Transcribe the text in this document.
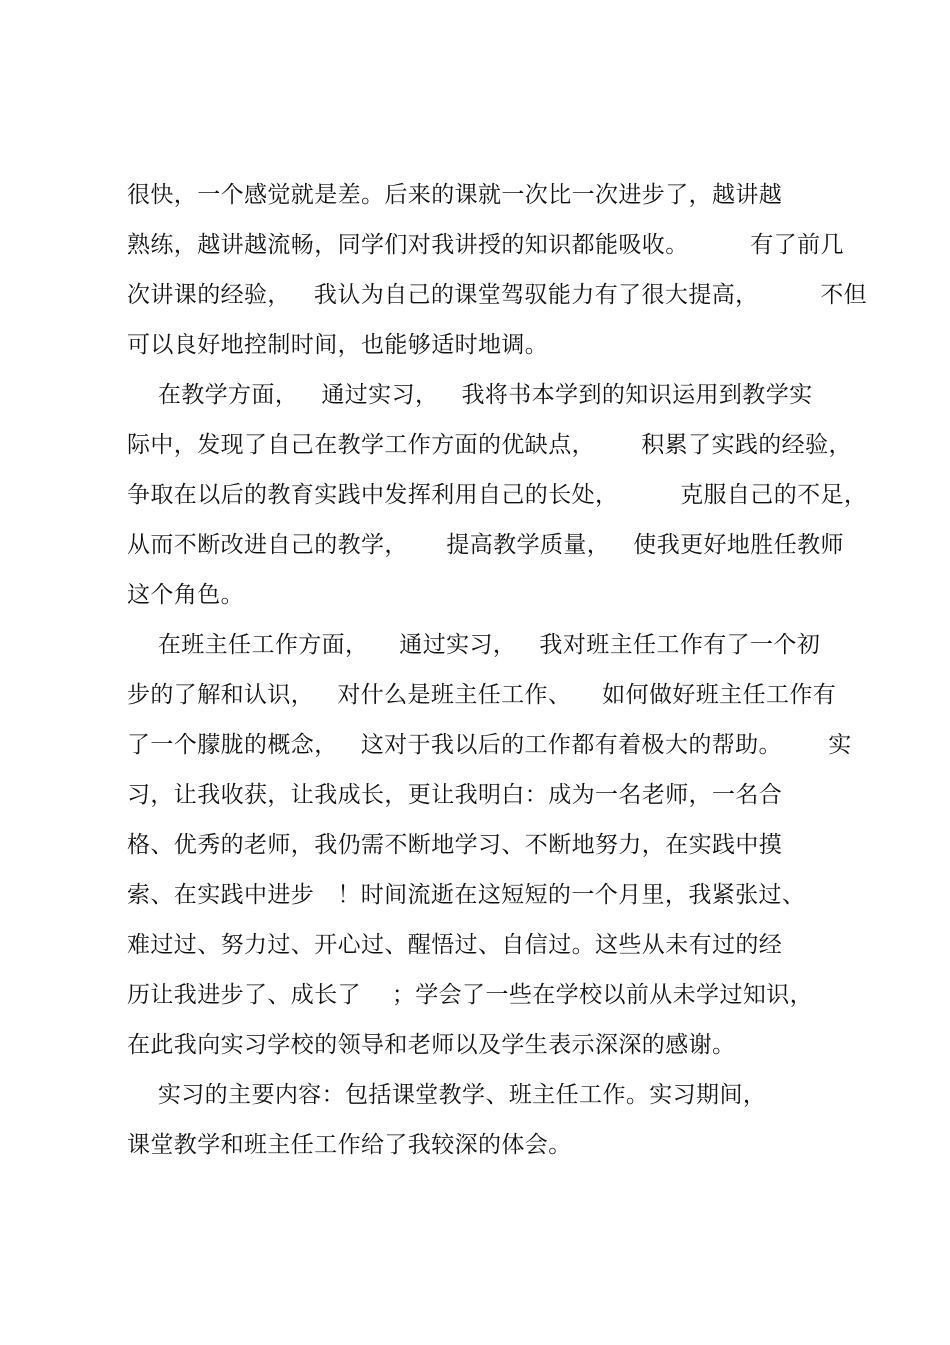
很快，一个感觉就是差。后来的课就一次比一次进步了，越讲越
熟练，越讲越流畅，同学们对我讲授的知识都能吸收。        有了前几
次讲课的经验，   我认为自己的课堂驾驭能力有了很大提高，        不但
可以良好地控制时间，也能够适时地调。
在教学方面，   通过实习，   我将书本学到的知识运用到教学实
际中，发现了自己在教学工作方面的优缺点，      积累了实践的经验，
争取在以后的教育实践中发挥利用自己的长处，        克服自己的不足，
从而不断改进自己的教学，     提高教学质量，   使我更好地胜任教师
这个角色。
在班主任工作方面，    通过实习，   我对班主任工作有了一个初
步的了解和认识，   对什么是班主任工作、    如何做好班主任工作有
了一个朦胧的概念，   这对于我以后的工作都有着极大的帮助。      实
习，让我收获，让我成长，更让我明白：成为一名老师，一名合
格、优秀的老师，我仍需不断地学习、不断地努力，在实践中摸
索、在实践中进步   ！时间流逝在这短短的一个月里，我紧张过、
难过过、努力过、开心过、醒悟过、自信过。这些从未有过的经
历让我进步了、成长了    ；学会了一些在学校以前从未学过知识，
在此我向实习学校的领导和老师以及学生表示深深的感谢。
实习的主要内容：包括课堂教学、班主任工作。实习期间，
课堂教学和班主任工作给了我较深的体会。
